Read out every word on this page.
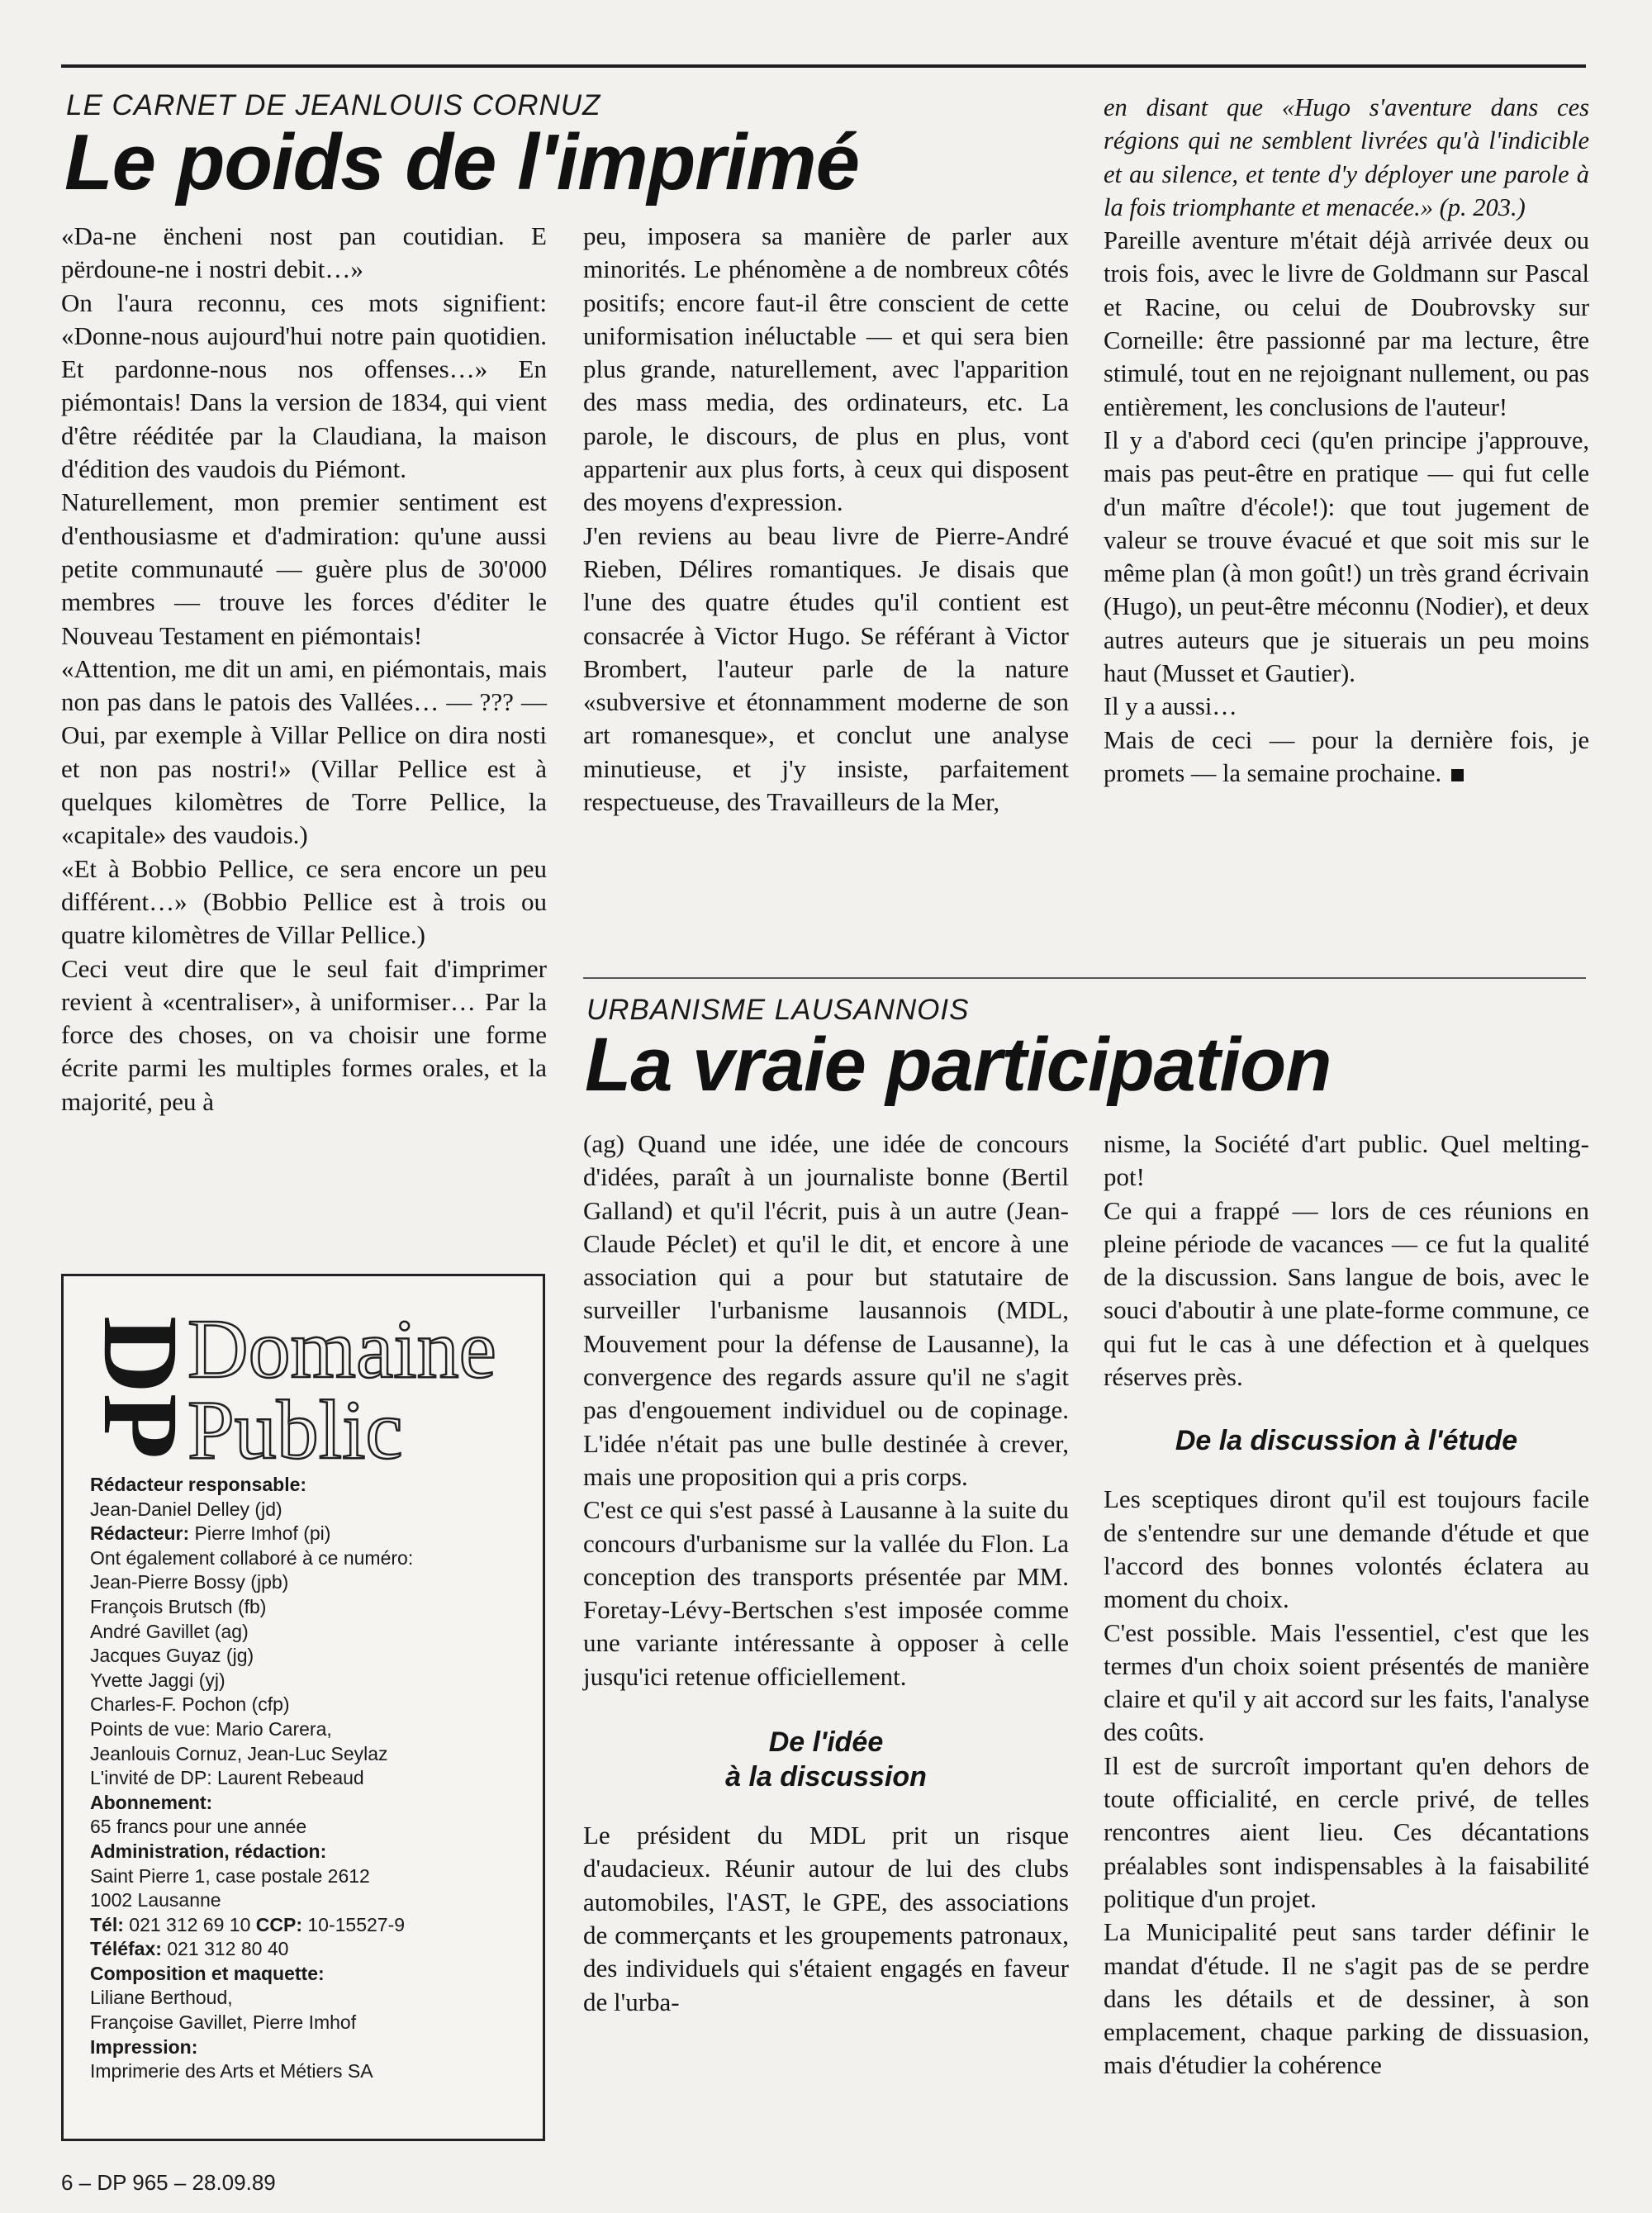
LE CARNET DE JEANLOUIS CORNUZ
Le poids de l'imprimé

«Da-ne ëncheni nost pan coutidian. E përdoune-ne i nostri debit…»

On l'aura reconnu, ces mots signifient: «Donne-nous aujourd'hui notre pain quotidien. Et pardonne-nous nos offenses…» En piémontais! Dans la version de 1834, qui vient d'être rééditée par la Claudiana, la maison d'édition des vaudois du Piémont.

Naturellement, mon premier sentiment est d'enthousiasme et d'admiration: qu'une aussi petite communauté — guère plus de 30'000 membres — trouve les forces d'éditer le Nouveau Testament en piémontais!

«Attention, me dit un ami, en piémontais, mais non pas dans le patois des Vallées… — ??? — Oui, par exemple à Villar Pellice on dira nosti et non pas nostri!» (Villar Pellice est à quelques kilomètres de Torre Pellice, la «capitale» des vaudois.)

«Et à Bobbio Pellice, ce sera encore un peu différent…» (Bobbio Pellice est à trois ou quatre kilomètres de Villar Pellice.)

Ceci veut dire que le seul fait d'imprimer revient à «centraliser», à uniformiser… Par la force des choses, on va choisir une forme écrite parmi les multiples formes orales, et la majorité, peu à

peu, imposera sa manière de parler aux minorités. Le phénomène a de nombreux côtés positifs; encore faut-il être conscient de cette uniformisation inéluctable — et qui sera bien plus grande, naturellement, avec l'apparition des mass media, des ordinateurs, etc. La parole, le discours, de plus en plus, vont appartenir aux plus forts, à ceux qui disposent des moyens d'expression.

J'en reviens au beau livre de Pierre-André Rieben, Délires romantiques. Je disais que l'une des quatre études qu'il contient est consacrée à Victor Hugo. Se référant à Victor Brombert, l'auteur parle de la nature «subversive et étonnamment moderne de son art romanesque», et conclut une analyse minutieuse, et j'y insiste, parfaitement respectueuse, des Travailleurs de la Mer,

en disant que «Hugo s'aventure dans ces régions qui ne semblent livrées qu'à l'indicible et au silence, et tente d'y déployer une parole à la fois triomphante et menacée.» (p. 203.)

Pareille aventure m'était déjà arrivée deux ou trois fois, avec le livre de Goldmann sur Pascal et Racine, ou celui de Doubrovsky sur Corneille: être passionné par ma lecture, être stimulé, tout en ne rejoignant nullement, ou pas entièrement, les conclusions de l'auteur!

Il y a d'abord ceci (qu'en principe j'approuve, mais pas peut-être en pratique — qui fut celle d'un maître d'école!): que tout jugement de valeur se trouve évacué et que soit mis sur le même plan (à mon goût!) un très grand écrivain (Hugo), un peut-être méconnu (Nodier), et deux autres auteurs que je situerais un peu moins haut (Musset et Gautier).

Il y a aussi…

Mais de ceci — pour la dernière fois, je promets — la semaine prochaine.

URBANISME LAUSANNOIS
La vraie participation

(ag) Quand une idée, une idée de concours d'idées, paraît à un journaliste bonne (Bertil Galland) et qu'il l'écrit, puis à un autre (Jean-Claude Péclet) et qu'il le dit, et encore à une association qui a pour but statutaire de surveiller l'urbanisme lausannois (MDL, Mouvement pour la défense de Lausanne), la convergence des regards assure qu'il ne s'agit pas d'engouement individuel ou de copinage. L'idée n'était pas une bulle destinée à crever, mais une proposition qui a pris corps.

C'est ce qui s'est passé à Lausanne à la suite du concours d'urbanisme sur la vallée du Flon. La conception des transports présentée par MM. Foretay-Lévy-Bertschen s'est imposée comme une variante intéressante à opposer à celle jusqu'ici retenue officiellement.

De l'idée
à la discussion

Le président du MDL prit un risque d'audacieux. Réunir autour de lui des clubs automobiles, l'AST, le GPE, des associations de commerçants et les groupements patronaux, des individuels qui s'étaient engagés en faveur de l'urba-

nisme, la Société d'art public. Quel melting-pot!

Ce qui a frappé — lors de ces réunions en pleine période de vacances — ce fut la qualité de la discussion. Sans langue de bois, avec le souci d'aboutir à une plate-forme commune, ce qui fut le cas à une défection et à quelques réserves près.

De la discussion à l'étude

Les sceptiques diront qu'il est toujours facile de s'entendre sur une demande d'étude et que l'accord des bonnes volontés éclatera au moment du choix.

C'est possible. Mais l'essentiel, c'est que les termes d'un choix soient présentés de manière claire et qu'il y ait accord sur les faits, l'analyse des coûts.

Il est de surcroît important qu'en dehors de toute officialité, en cercle privé, de telles rencontres aient lieu. Ces décantations préalables sont indispensables à la faisabilité politique d'un projet.

La Municipalité peut sans tarder définir le mandat d'étude. Il ne s'agit pas de se perdre dans les détails et de dessiner, à son emplacement, chaque parking de dissuasion, mais d'étudier la cohérence

DP
Domaine
Public
Rédacteur responsable:
Jean-Daniel Delley (jd)
Rédacteur: Pierre Imhof (pi)
Ont également collaboré à ce numéro:
Jean-Pierre Bossy (jpb)
François Brutsch (fb)
André Gavillet (ag)
Jacques Guyaz (jg)
Yvette Jaggi (yj)
Charles-F. Pochon (cfp)
Points de vue: Mario Carera,
Jeanlouis Cornuz, Jean-Luc Seylaz
L'invité de DP: Laurent Rebeaud
Abonnement:
65 francs pour une année
Administration, rédaction:
Saint Pierre 1, case postale 2612
1002 Lausanne
Tél: 021 312 69 10 CCP: 10-15527-9
Téléfax: 021 312 80 40
Composition et maquette:
Liliane Berthoud,
Françoise Gavillet, Pierre Imhof
Impression:
Imprimerie des Arts et Métiers SA
6 – DP 965 – 28.09.89
